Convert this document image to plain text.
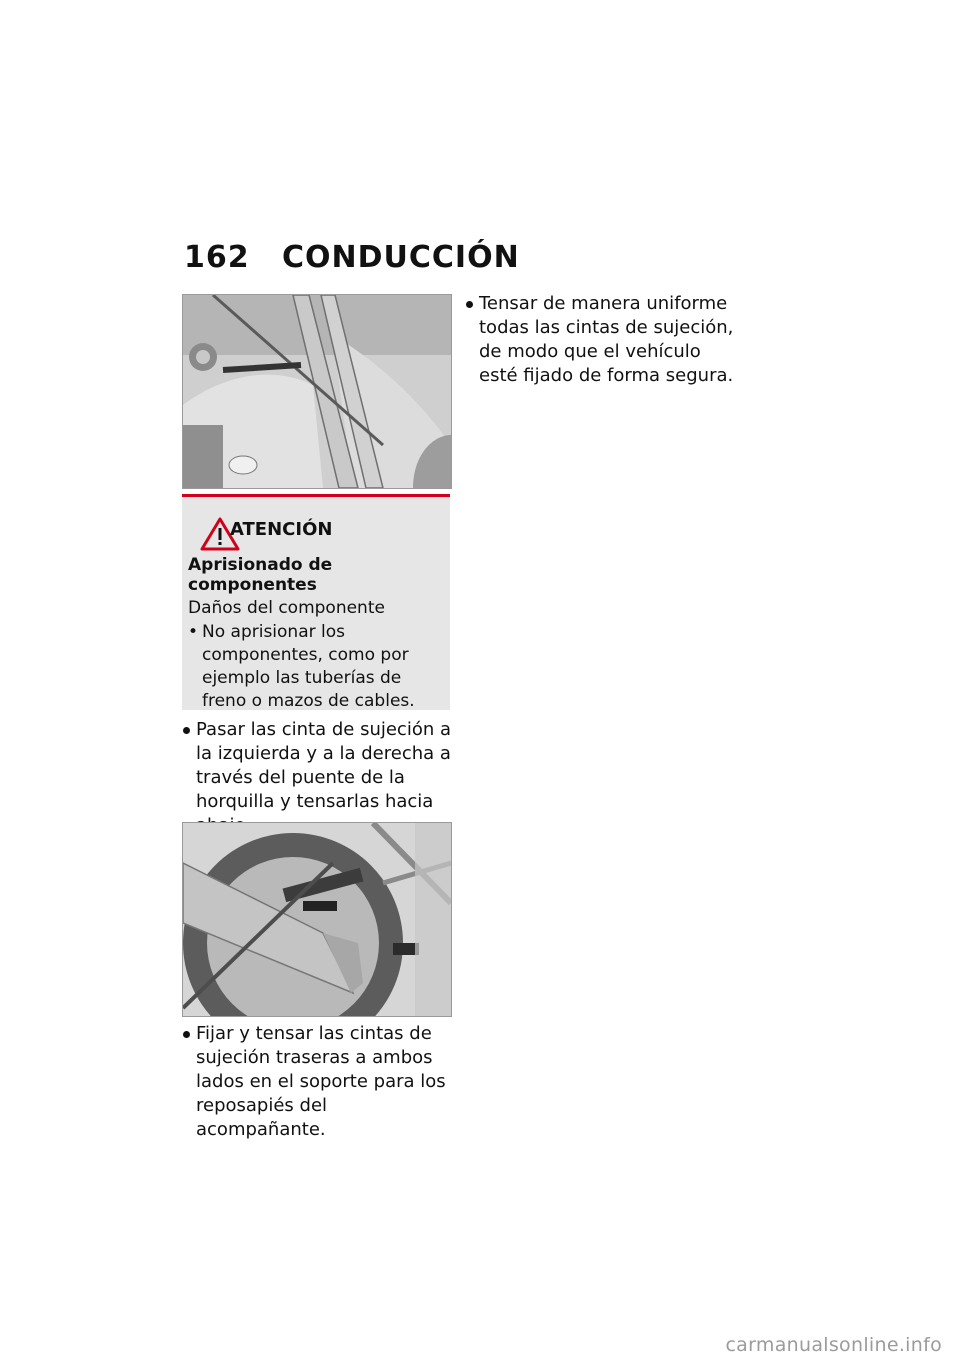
162 CONDUCCIÓN
ATENCIÓN
Aprisionado de componentes
Daños del componente
• No aprisionar los componentes, como por ejemplo las tuberías de freno o mazos de cables.
Pasar las cinta de sujeción a la izquierda y a la derecha a través del puente de la horquilla y tensarlas hacia
Fijar y tensar las cintas de sujeción traseras a ambos lados en el soporte para los reposapiés del acompañante.
Tensar de manera uniforme todas las cintas de sujeción, de modo que el vehículo esté fijado de forma segura.
carmanualsonline.info
